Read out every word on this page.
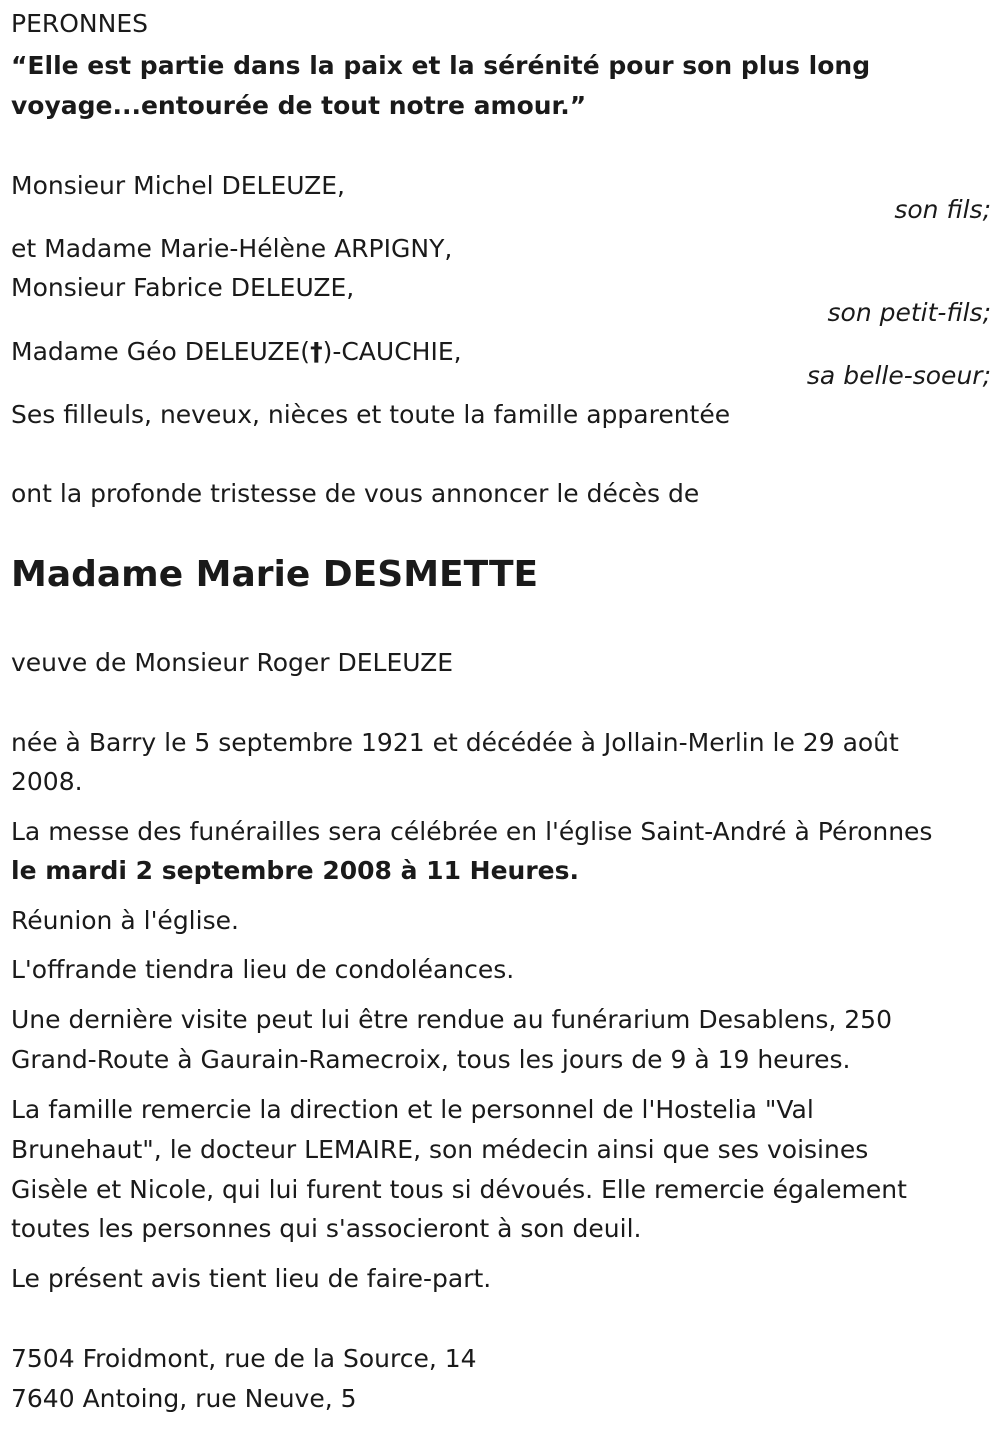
PERONNES
“Elle est partie dans la paix et la sérénité pour son plus long
voyage...entourée de tout notre amour.”
Monsieur Michel DELEUZE,
son fils;
et Madame Marie-Hélène ARPIGNY,
Monsieur Fabrice DELEUZE,
son petit-fils;
Madame Géo DELEUZE(†)-CAUCHIE,
sa belle-soeur;
Ses filleuls, neveux, nièces et toute la famille apparentée
ont la profonde tristesse de vous annoncer le décès de
Madame Marie DESMETTE
veuve de Monsieur Roger DELEUZE
née à Barry le 5 septembre 1921 et décédée à Jollain-Merlin le 29 août
2008.
La messe des funérailles sera célébrée en l'église Saint-André à Péronnes
le mardi 2 septembre 2008 à 11 Heures.
Réunion à l'église.
L'offrande tiendra lieu de condoléances.
Une dernière visite peut lui être rendue au funérarium Desablens, 250
Grand-Route à Gaurain-Ramecroix, tous les jours de 9 à 19 heures.
La famille remercie la direction et le personnel de l'Hostelia "Val
Brunehaut", le docteur LEMAIRE, son médecin ainsi que ses voisines
Gisèle et Nicole, qui lui furent tous si dévoués. Elle remercie également
toutes les personnes qui s'associeront à son deuil.
Le présent avis tient lieu de faire-part.
7504 Froidmont, rue de la Source, 14
7640 Antoing, rue Neuve, 5
